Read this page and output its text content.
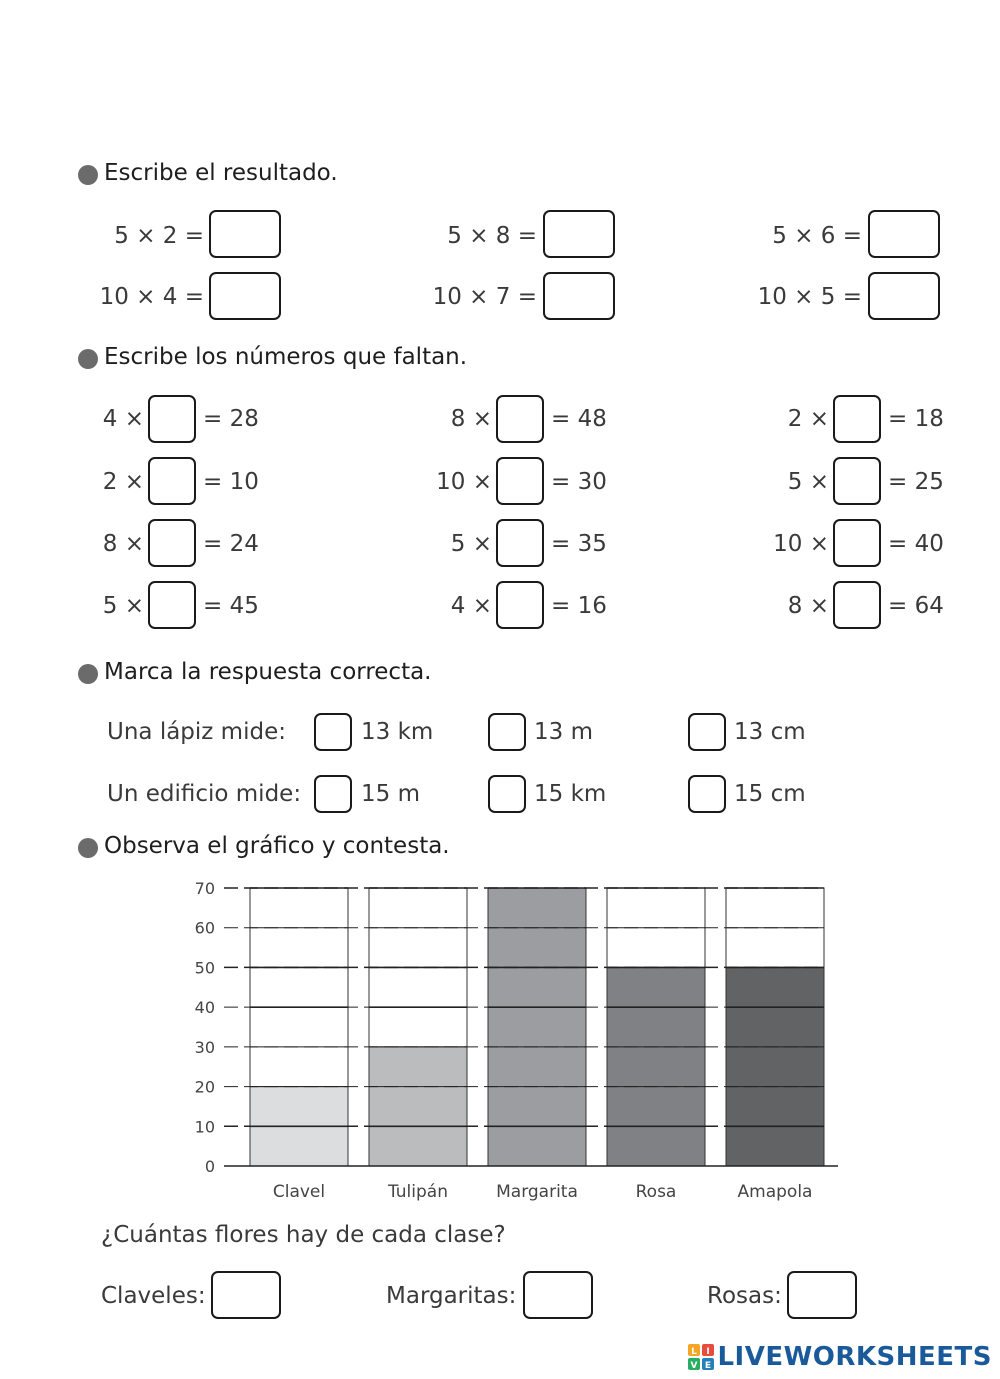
Escribe el resultado.
5 × 2 =	5 × 8 =	5 × 6 =
10 × 4 =	10 × 7 =	10 × 5 =
Escribe los números que faltan.
4 ×	= 28	8 ×	= 48	2 ×	= 18
2 ×	= 10	10 ×	= 30	5 ×	= 25
8 ×	= 24	5 ×	= 35	10 ×	= 40
5 ×	= 45	4 ×	= 16	8 ×	= 64
Marca la respuesta correcta.
Una lápiz mide:	13 km	13 m	13 cm
Un edificio mide:	15 m	15 km	15 cm
Observa el gráfico y contesta.
Clavel	Tulipán	Margarita	Rosa	Amapola
0
10
20
30
40
50
60
70
¿Cuántas flores hay de cada clase?
Claveles:	Margaritas:	Rosas:
L I
V E LIVEWORKSHEETS
